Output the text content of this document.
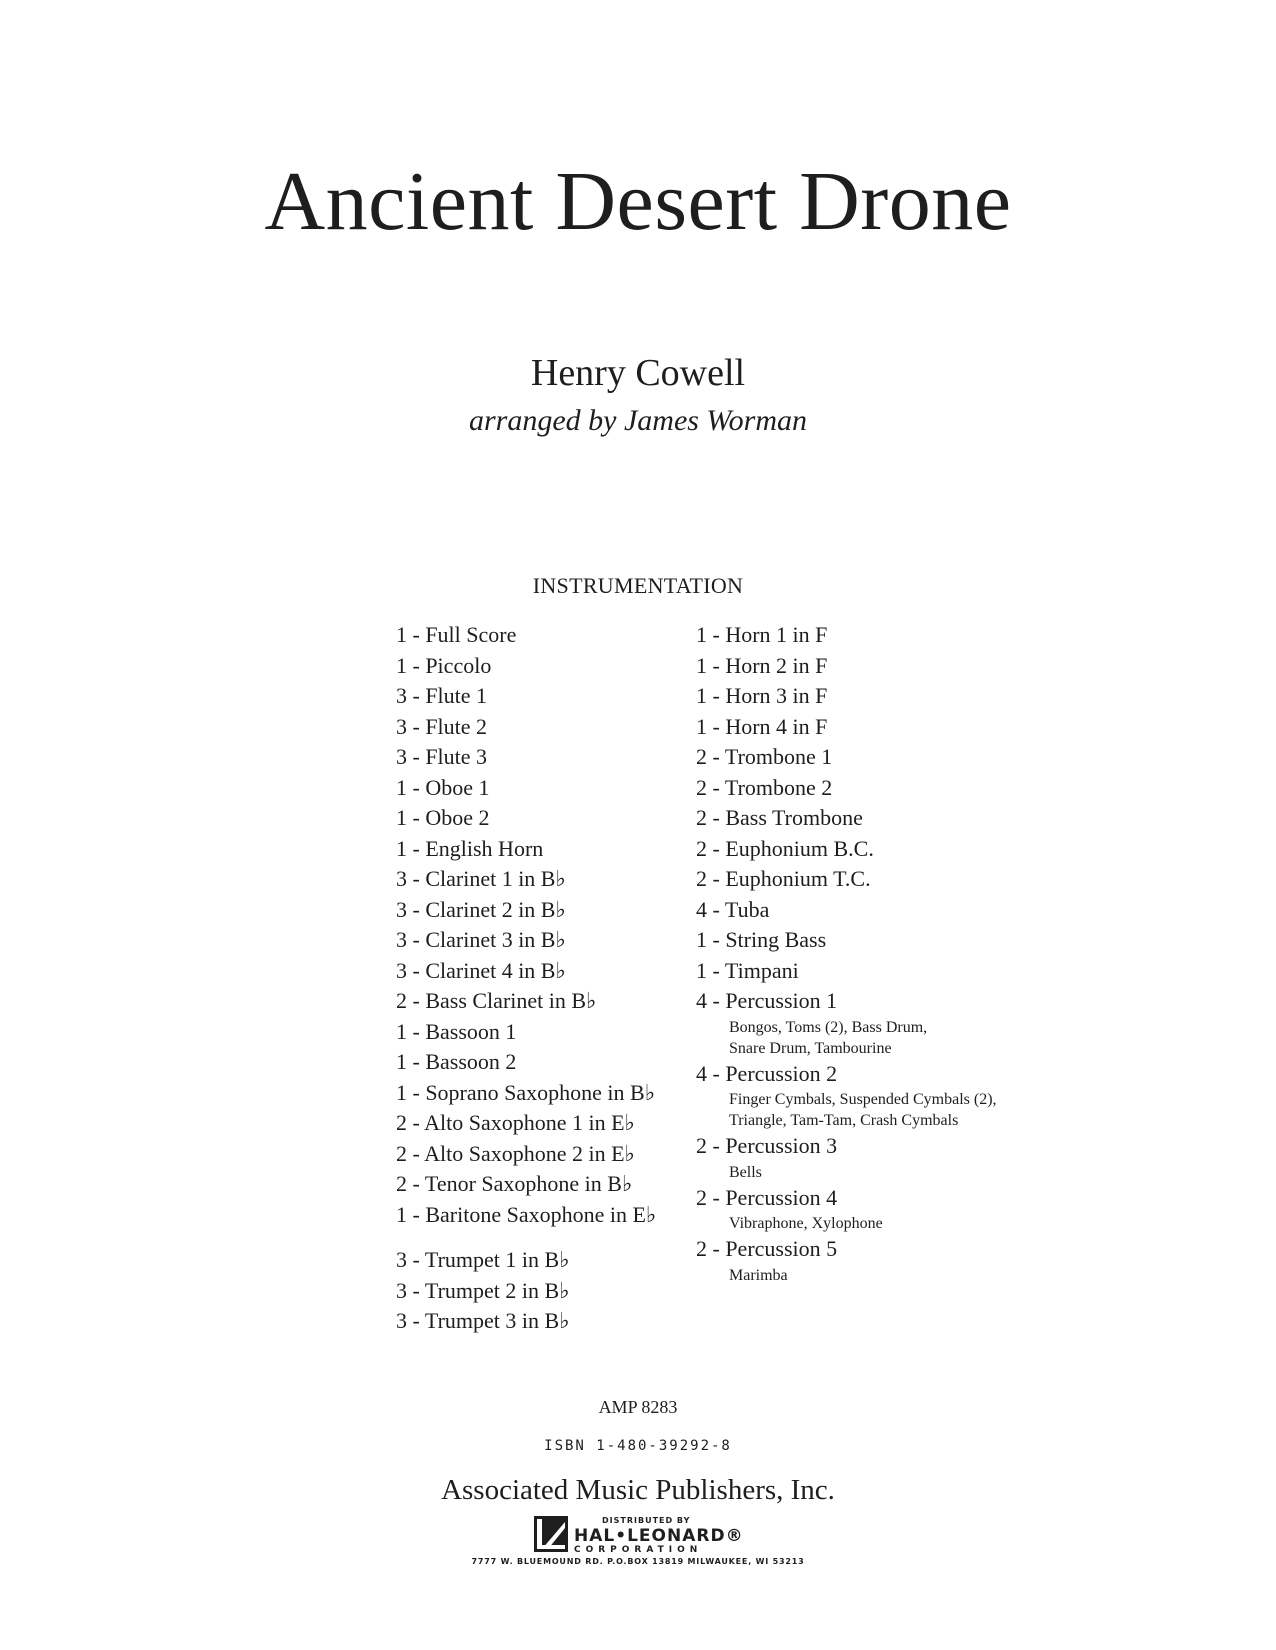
Ancient Desert Drone
Henry Cowell
arranged by James Worman
INSTRUMENTATION
1 - Full Score
1 - Piccolo
3 - Flute 1
3 - Flute 2
3 - Flute 3
1 - Oboe 1
1 - Oboe 2
1 - English Horn
3 - Clarinet 1 in B♭
3 - Clarinet 2 in B♭
3 - Clarinet 3 in B♭
3 - Clarinet 4 in B♭
2 - Bass Clarinet in B♭
1 - Bassoon 1
1 - Bassoon 2
1 - Soprano Saxophone in B♭
2 - Alto Saxophone 1 in E♭
2 - Alto Saxophone 2 in E♭
2 - Tenor Saxophone in B♭
1 - Baritone Saxophone in E♭
3 - Trumpet 1 in B♭
3 - Trumpet 2 in B♭
3 - Trumpet 3 in B♭
1 - Horn 1 in F
1 - Horn 2 in F
1 - Horn 3 in F
1 - Horn 4 in F
2 - Trombone 1
2 - Trombone 2
2 - Bass Trombone
2 - Euphonium B.C.
2 - Euphonium T.C.
4 - Tuba
1 - String Bass
1 - Timpani
4 - Percussion 1
Bongos, Toms (2), Bass Drum,
Snare Drum, Tambourine
4 - Percussion 2
Finger Cymbals, Suspended Cymbals (2),
Triangle, Tam-Tam, Crash Cymbals
2 - Percussion 3
Bells
2 - Percussion 4
Vibraphone, Xylophone
2 - Percussion 5
Marimba
AMP 8283
ISBN 1-480-39292-8
Associated Music Publishers, Inc.
DISTRIBUTED BY
HAL•LEONARD®
CORPORATION
7777 W. BLUEMOUND RD. P.O.BOX 13819 MILWAUKEE, WI 53213
